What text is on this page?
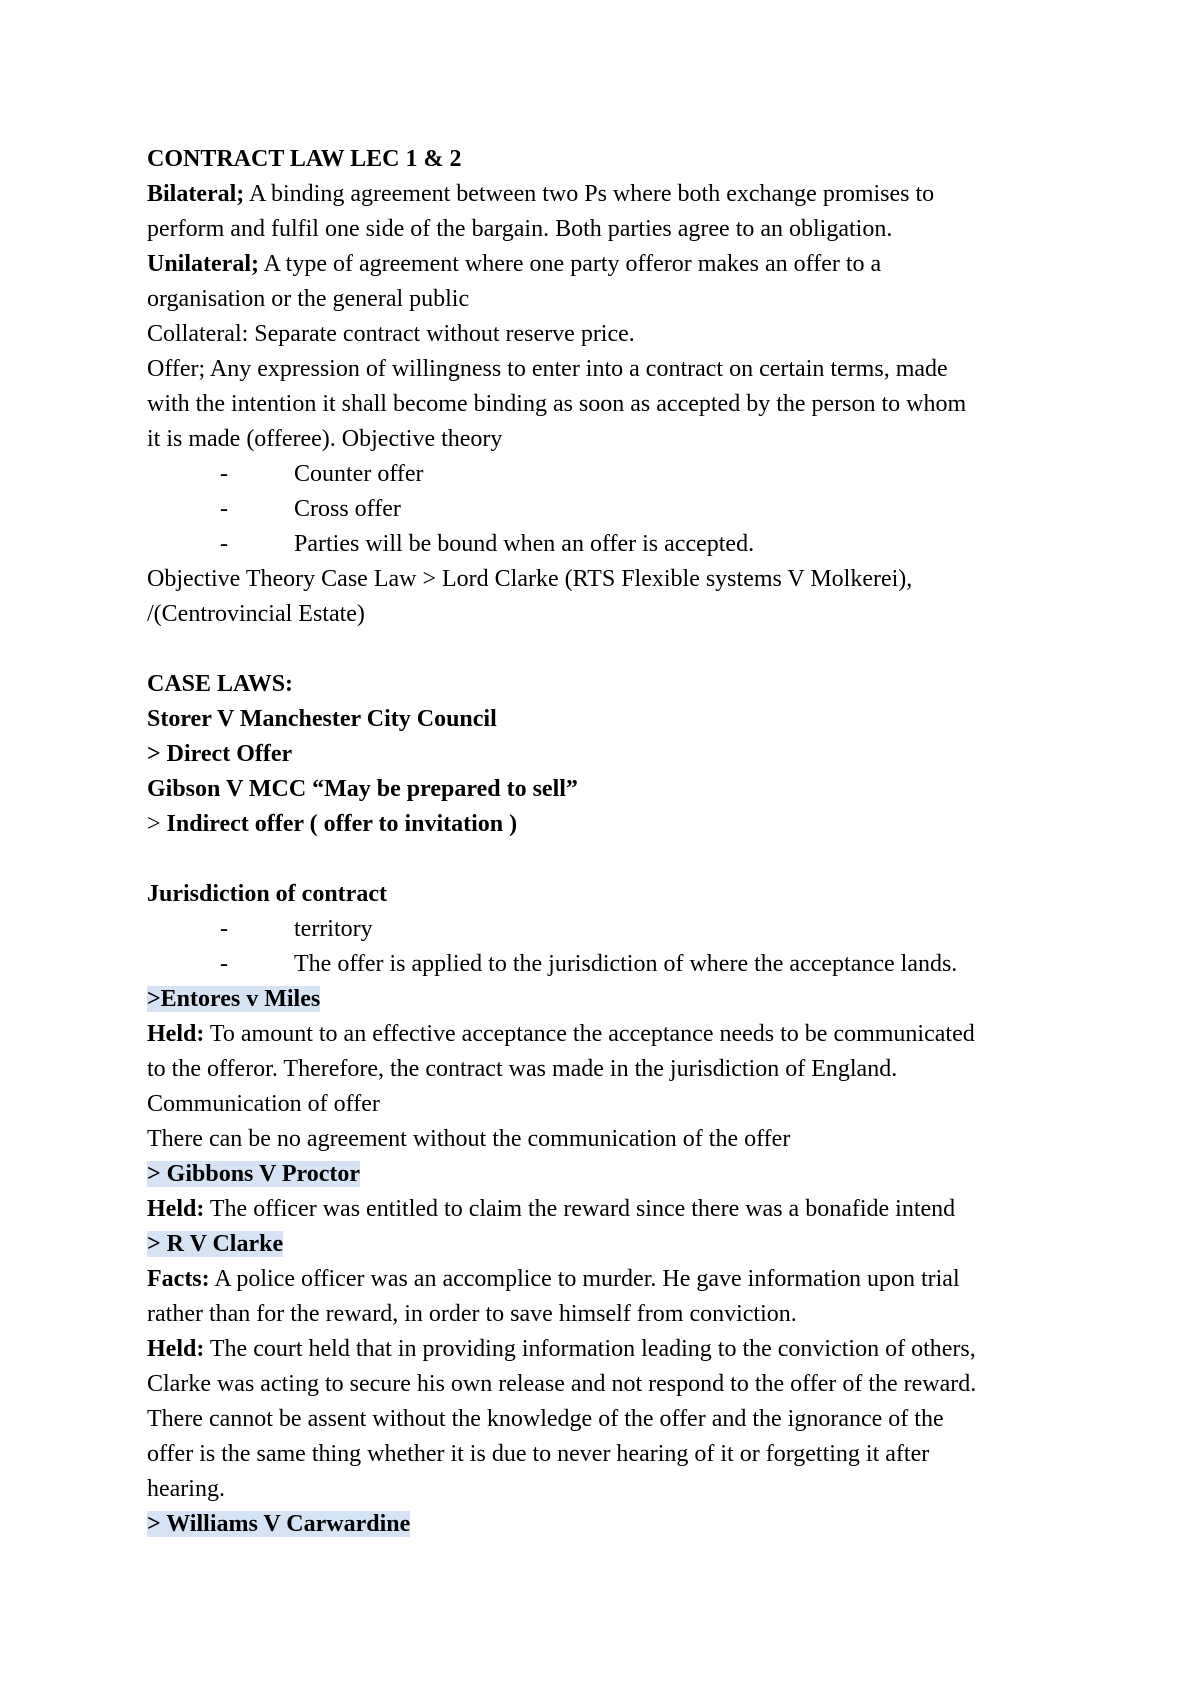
CONTRACT LAW LEC 1 & 2
Bilateral; A binding agreement between two Ps where both exchange promises to
perform and fulfil one side of the bargain. Both parties agree to an obligation.
Unilateral; A type of agreement where one party offeror makes an offer to a
organisation or the general public
Collateral: Separate contract without reserve price.
Offer; Any expression of willingness to enter into a contract on certain terms, made
with the intention it shall become binding as soon as accepted by the person to whom
it is made (offeree). Objective theory
-	Counter offer
-	Cross offer
-	Parties will be bound when an offer is accepted.
Objective Theory Case Law > Lord Clarke (RTS Flexible systems V Molkerei),
/(Centrovincial Estate)
CASE LAWS:
Storer V Manchester City Council
> Direct Offer
Gibson V MCC “May be prepared to sell”
> Indirect offer ( offer to invitation )
Jurisdiction of contract
-	territory
-	The offer is applied to the jurisdiction of where the acceptance lands.
>Entores v Miles
Held: To amount to an effective acceptance the acceptance needs to be communicated
to the offeror. Therefore, the contract was made in the jurisdiction of England.
Communication of offer
There can be no agreement without the communication of the offer
> Gibbons V Proctor
Held: The officer was entitled to claim the reward since there was a bonafide intend
> R V Clarke
Facts: A police officer was an accomplice to murder. He gave information upon trial
rather than for the reward, in order to save himself from conviction.
Held: The court held that in providing information leading to the conviction of others,
Clarke was acting to secure his own release and not respond to the offer of the reward.
There cannot be assent without the knowledge of the offer and the ignorance of the
offer is the same thing whether it is due to never hearing of it or forgetting it after
hearing.
> Williams V Carwardine
